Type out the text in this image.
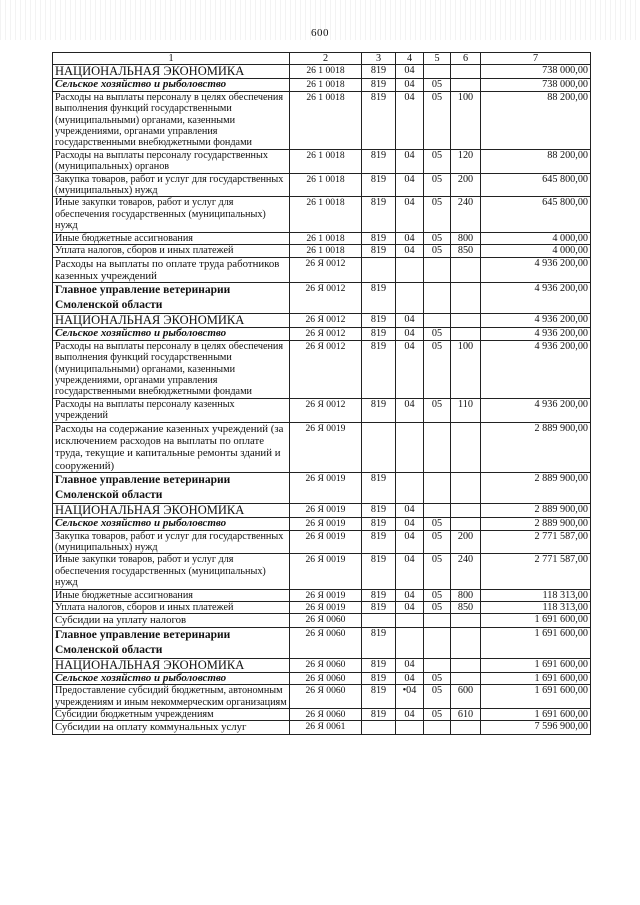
600
1	2	3	4	5	6	7
НАЦИОНАЛЬНАЯ ЭКОНОМИКА	26 1 0018	819	04			738 000,00
Сельское хозяйство и рыболовство	26 1 0018	819	04	05		738 000,00
Расходы на выплаты персоналу в целях обеспечения выполнения функций государственными (муниципальными) органами, казенными учреждениями, органами управления государственными внебюджетными фондами	26 1 0018	819	04	05	100	88 200,00
Расходы на выплаты персоналу государственных (муниципальных) органов	26 1 0018	819	04	05	120	88 200,00
Закупка товаров, работ и услуг для государственных (муниципальных) нужд	26 1 0018	819	04	05	200	645 800,00
Иные закупки товаров, работ и услуг для обеспечения государственных (муниципальных) нужд	26 1 0018	819	04	05	240	645 800,00
Иные бюджетные ассигнования	26 1 0018	819	04	05	800	4 000,00
Уплата налогов, сборов и иных платежей	26 1 0018	819	04	05	850	4 000,00
Расходы на выплаты по оплате труда работников казенных учреждений	26 Я 0012					4 936 200,00
Главное управление ветеринарии Смоленской области	26 Я 0012	819				4 936 200,00
НАЦИОНАЛЬНАЯ ЭКОНОМИКА	26 Я 0012	819	04			4 936 200,00
Сельское хозяйство и рыболовство	26 Я 0012	819	04	05		4 936 200,00
Расходы на выплаты персоналу в целях обеспечения выполнения функций государственными (муниципальными) органами, казенными учреждениями, органами управления государственными внебюджетными фондами	26 Я 0012	819	04	05	100	4 936 200,00
Расходы на выплаты персоналу казенных учреждений	26 Я 0012	819	04	05	110	4 936 200,00
Расходы на содержание казенных учреждений (за исключением расходов на выплаты по оплате труда, текущие и капитальные ремонты зданий и сооружений)	26 Я 0019					2 889 900,00
Главное управление ветеринарии Смоленской области	26 Я 0019	819				2 889 900,00
НАЦИОНАЛЬНАЯ ЭКОНОМИКА	26 Я 0019	819	04			2 889 900,00
Сельское хозяйство и рыболовство	26 Я 0019	819	04	05		2 889 900,00
Закупка товаров, работ и услуг для государственных (муниципальных) нужд	26 Я 0019	819	04	05	200	2 771 587,00
Иные закупки товаров, работ и услуг для обеспечения государственных (муниципальных) нужд	26 Я 0019	819	04	05	240	2 771 587,00
Иные бюджетные ассигнования	26 Я 0019	819	04	05	800	118 313,00
Уплата налогов, сборов и иных платежей	26 Я 0019	819	04	05	850	118 313,00
Субсидии на уплату налогов	26 Я 0060					1 691 600,00
Главное управление ветеринарии Смоленской области	26 Я 0060	819				1 691 600,00
НАЦИОНАЛЬНАЯ ЭКОНОМИКА	26 Я 0060	819	04			1 691 600,00
Сельское хозяйство и рыболовство	26 Я 0060	819	04	05		1 691 600,00
Предоставление субсидий бюджетным, автономным учреждениям и иным некоммерческим организациям	26 Я 0060	819	•04	05	600	1 691 600,00
Субсидии бюджетным учреждениям	26 Я 0060	819	04	05	610	1 691 600,00
Субсидии на оплату коммунальных услуг	26 Я 0061					7 596 900,00
